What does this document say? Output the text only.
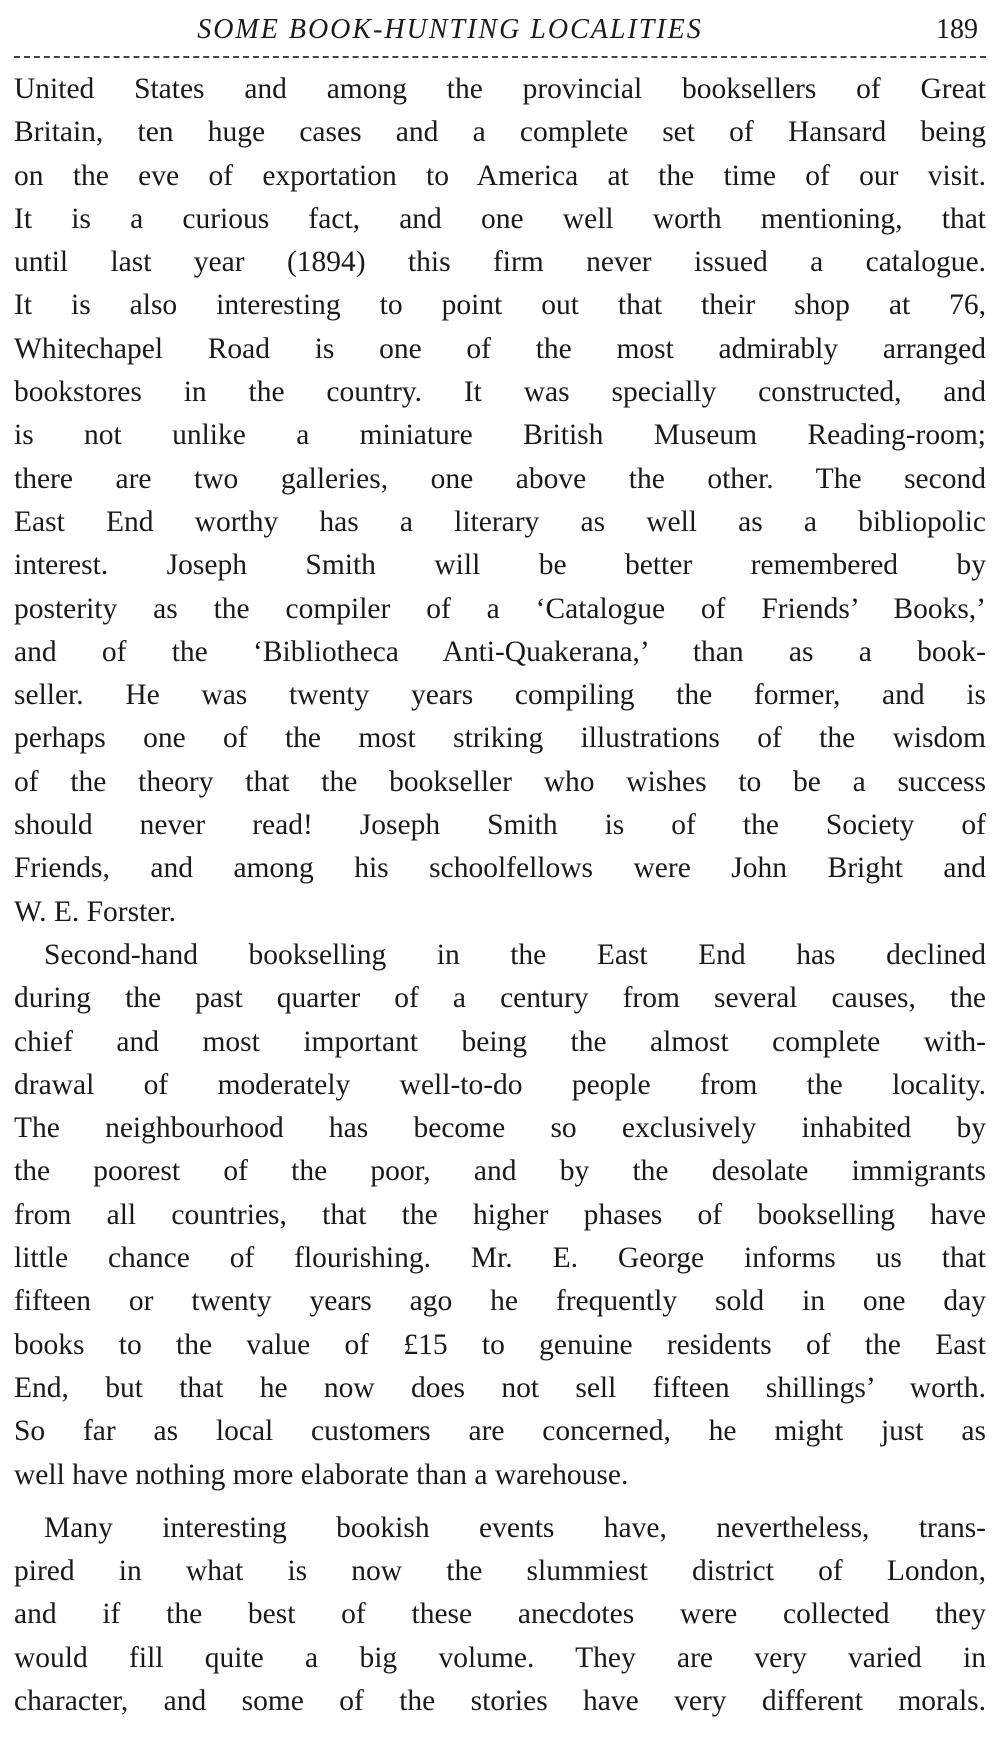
SOME BOOK-HUNTING LOCALITIES	189
United States and among the provincial booksellers of Great
Britain, ten huge cases and a complete set of Hansard being
on the eve of exportation to America at the time of our visit.
It is a curious fact, and one well worth mentioning, that
until last year (1894) this firm never issued a catalogue.
It is also interesting to point out that their shop at 76,
Whitechapel Road is one of the most admirably arranged
bookstores in the country. It was specially constructed, and
is not unlike a miniature British Museum Reading-room;
there are two galleries, one above the other. The second
East End worthy has a literary as well as a bibliopolic
interest. Joseph Smith will be better remembered by
posterity as the compiler of a ‘Catalogue of Friends’ Books,’
and of the ‘Bibliotheca Anti-Quakerana,’ than as a book-
seller. He was twenty years compiling the former, and is
perhaps one of the most striking illustrations of the wisdom
of the theory that the bookseller who wishes to be a success
should never read! Joseph Smith is of the Society of
Friends, and among his schoolfellows were John Bright and
W. E. Forster.
Second-hand bookselling in the East End has declined
during the past quarter of a century from several causes, the
chief and most important being the almost complete with-
drawal of moderately well-to-do people from the locality.
The neighbourhood has become so exclusively inhabited by
the poorest of the poor, and by the desolate immigrants
from all countries, that the higher phases of bookselling have
little chance of flourishing. Mr. E. George informs us that
fifteen or twenty years ago he frequently sold in one day
books to the value of £15 to genuine residents of the East
End, but that he now does not sell fifteen shillings’ worth.
So far as local customers are concerned, he might just as
well have nothing more elaborate than a warehouse.
Many interesting bookish events have, nevertheless, trans-
pired in what is now the slummiest district of London,
and if the best of these anecdotes were collected they
would fill quite a big volume. They are very varied in
character, and some of the stories have very different morals.
